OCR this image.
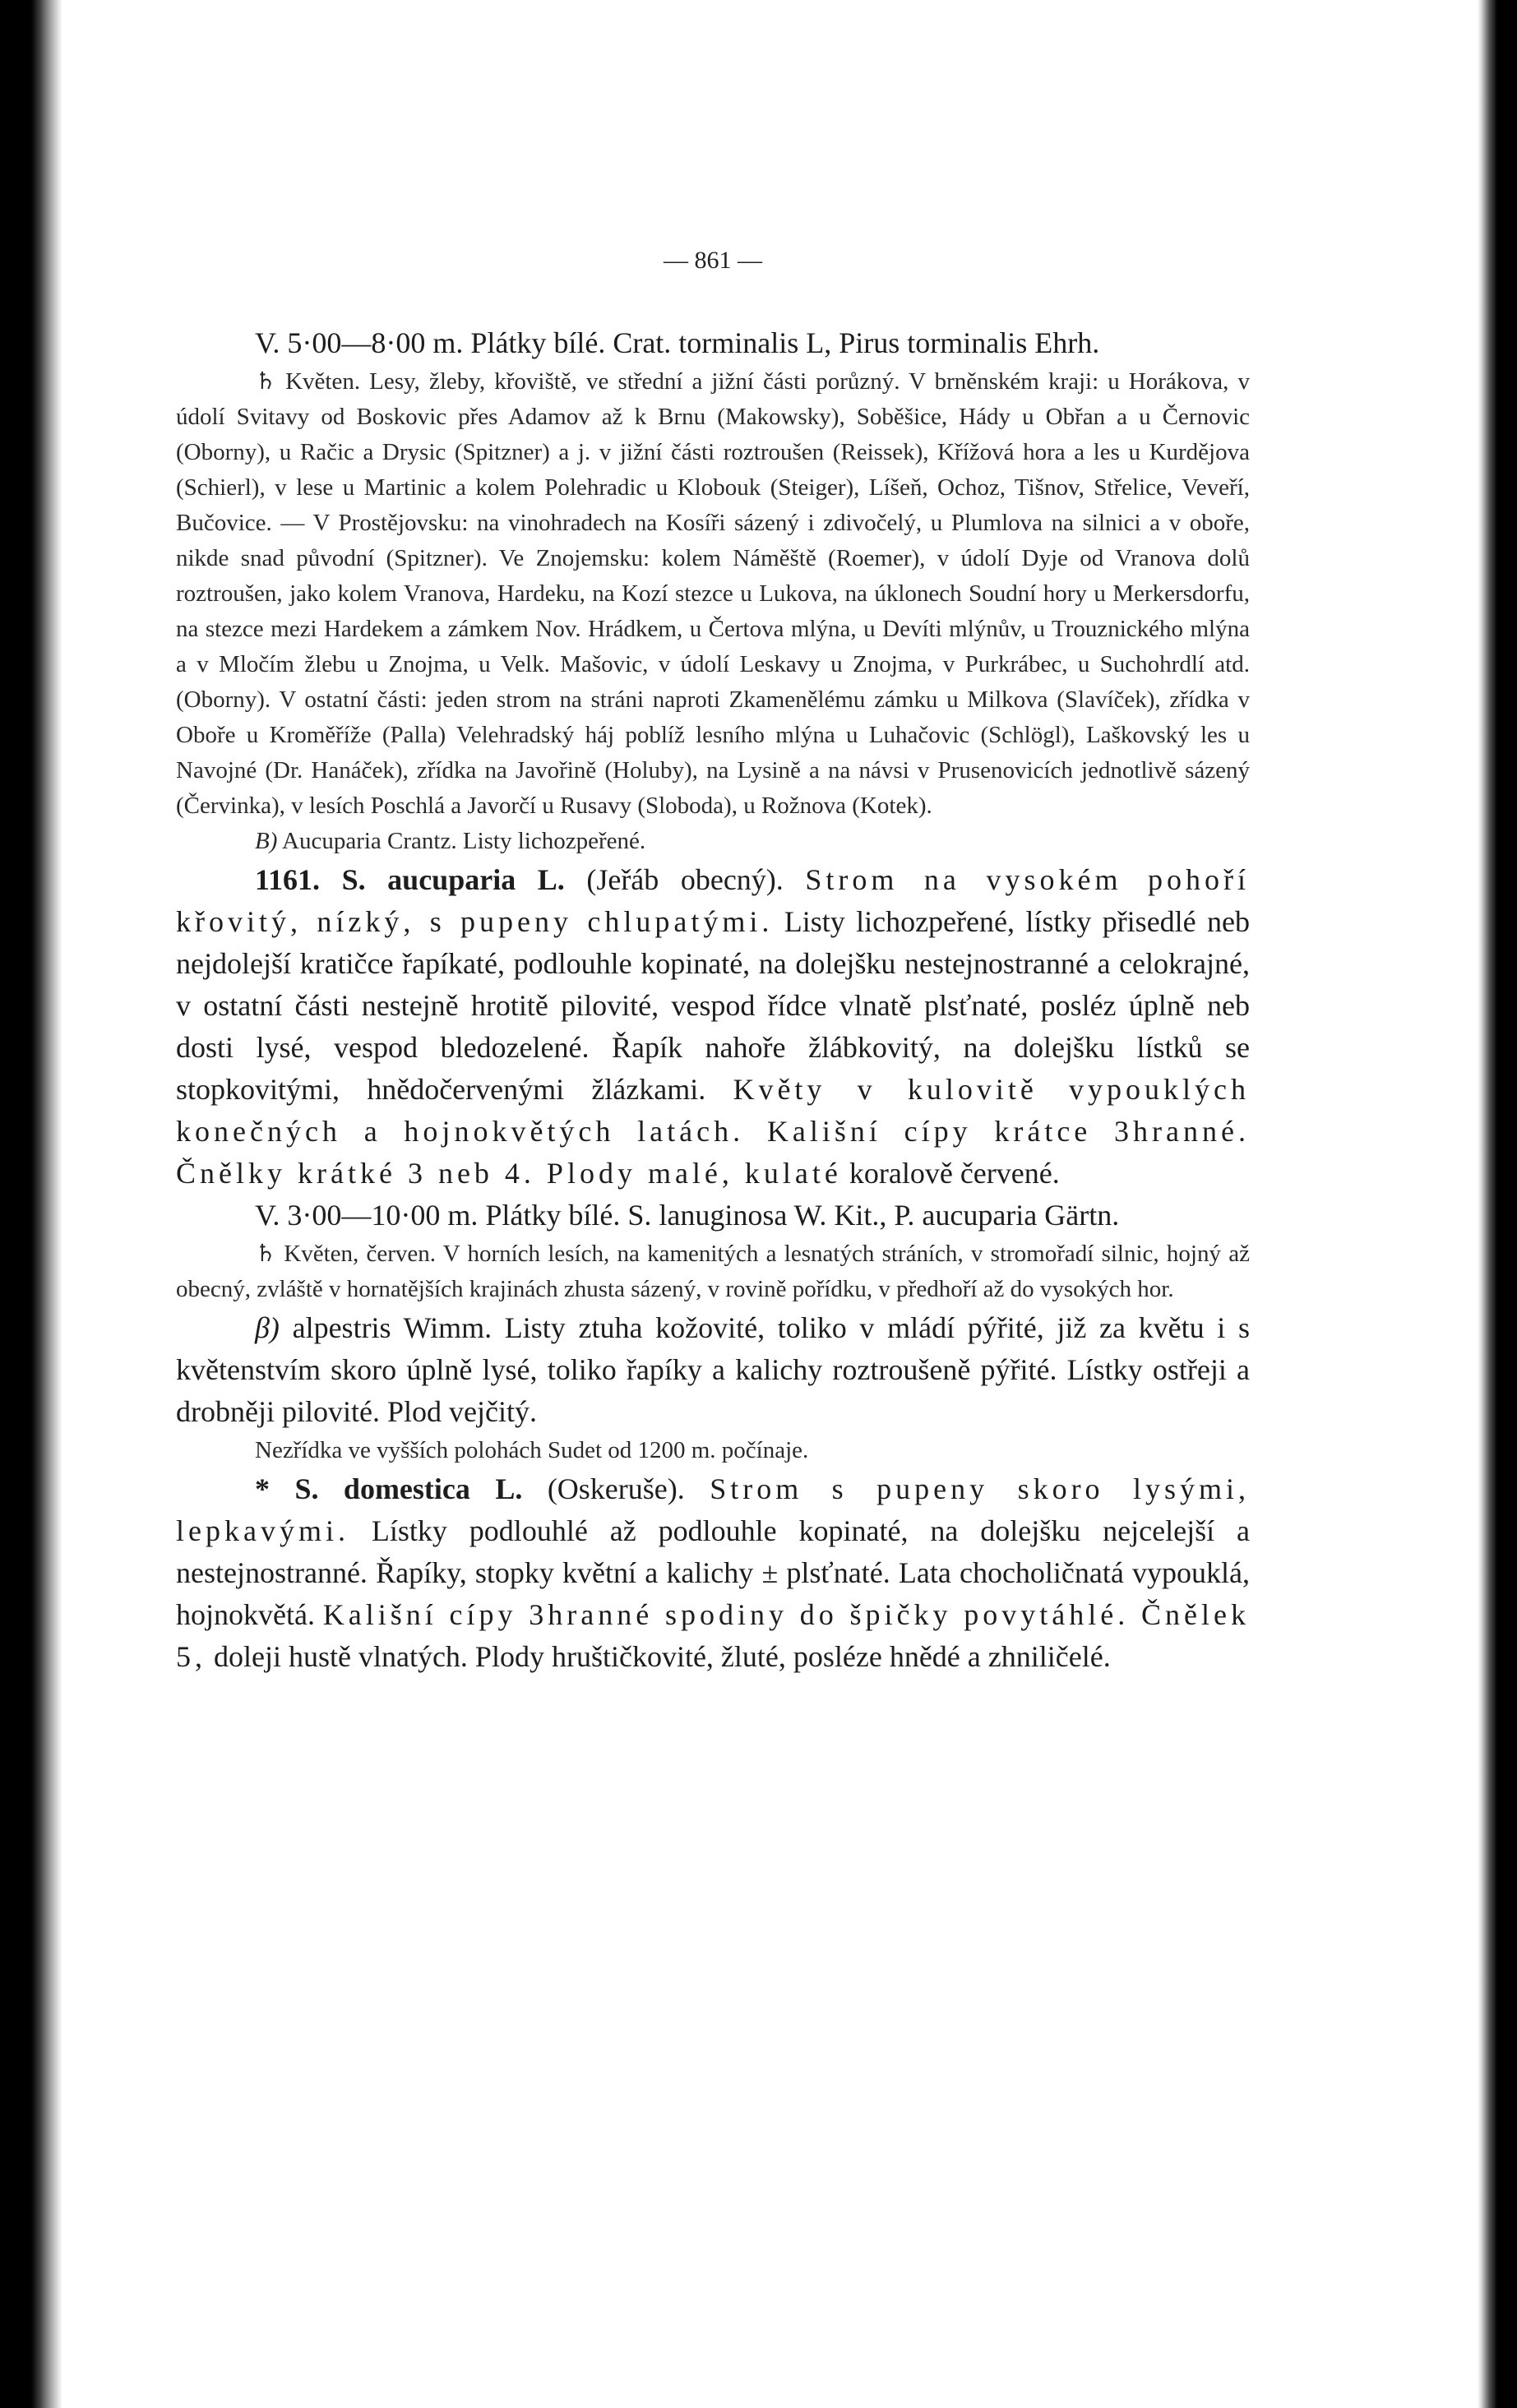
— 861 —

V. 5·00—8·00 m. Plátky bílé. Crat. torminalis L, Pirus torminalis Ehrh.

♄ Květen. Lesy, žleby, křoviště, ve střední a jižní části porůzný. V brněnském kraji: u Horákova, v údolí Svitavy od Boskovic přes Adamov až k Brnu (Makowsky), Soběšice, Hády u Obřan a u Černovic (Oborny), u Račic a Drysic (Spitzner) a j. v jižní části roztroušen (Reissek), Křížová hora a les u Kurdějova (Schierl), v lese u Martinic a kolem Polehradic u Klobouk (Steiger), Líšeň, Ochoz, Tišnov, Střelice, Veveří, Bučovice. — V Prostějovsku: na vinohradech na Kosíři sázený i zdivočelý, u Plumlova na silnici a v oboře, nikde snad původní (Spitzner). Ve Znojemsku: kolem Náměště (Roemer), v údolí Dyje od Vranova dolů roztroušen, jako kolem Vranova, Hardeku, na Kozí stezce u Lukova, na úklonech Soudní hory u Merkersdorfu, na stezce mezi Hardekem a zámkem Nov. Hrádkem, u Čertova mlýna, u Devíti mlýnův, u Trouznického mlýna a v Mločím žlebu u Znojma, u Velk. Mašovic, v údolí Leskavy u Znojma, v Purkrábec, u Suchohrdlí atd. (Oborny). V ostatní části: jeden strom na stráni naproti Zkamenělému zámku u Milkova (Slavíček), zřídka v Oboře u Kroměříže (Palla) Velehradský háj poblíž lesního mlýna u Luhačovic (Schlögl), Laškovský les u Navojné (Dr. Hanáček), zřídka na Javořině (Holuby), na Lysině a na návsi v Prusenovicích jednotlivě sázený (Červinka), v lesích Poschlá a Javorčí u Rusavy (Sloboda), u Rožnova (Kotek).

B) Aucuparia Crantz. Listy lichozpeřené.

1161. S. aucuparia L. (Jeřáb obecný). Strom na vysokém pohoří křovitý, nízký, s pupeny chlupatými. Listy lichozpeřené, lístky přisedlé neb nejdolejší kratičce řapíkaté, podlouhle kopinaté, na dolejšku nestejnostranné a celokrajné, v ostatní části nestejně hrotitě pilovité, vespod řídce vlnatě plsťnaté, posléz úplně neb dosti lysé, vespod bledozelené. Řapík nahoře žlábkovitý, na dolejšku lístků se stopkovitými, hnědočervenými žlázkami. Květy v kulovitě vypouklých konečných a hojnokvětých latách. Kališní cípy krátce 3hranné. Čnělky krátké 3 neb 4. Plody malé, kulaté koralově červené.

V. 3·00—10·00 m. Plátky bílé. S. lanuginosa W. Kit., P. aucuparia Gärtn.

♄ Květen, červen. V horních lesích, na kamenitých a lesnatých stráních, v stromořadí silnic, hojný až obecný, zvláště v hornatějších krajinách zhusta sázený, v rovině pořídku, v předhoří až do vysokých hor.

β) alpestris Wimm. Listy ztuha kožovité, toliko v mládí pýřité, již za květu i s květenstvím skoro úplně lysé, toliko řapíky a kalichy roztroušeně pýřité. Lístky ostřeji a drobněji pilovité. Plod vejčitý.

Nezřídka ve vyšších polohách Sudet od 1200 m. počínaje.

* S. domestica L. (Oskeruše). Strom s pupeny skoro lysými, lepkavými. Lístky podlouhlé až podlouhle kopinaté, na dolejšku nejcelejší a nestejnostranné. Řapíky, stopky květní a kalichy ± plsťnaté. Lata chocholičnatá vypouklá, hojnokvětá. Kališní cípy 3hranné spodiny do špičky povytáhlé. Čnělek 5, doleji hustě vlnatých. Plody hruštičkovité, žluté, posléze hnědé a zhniličelé.
